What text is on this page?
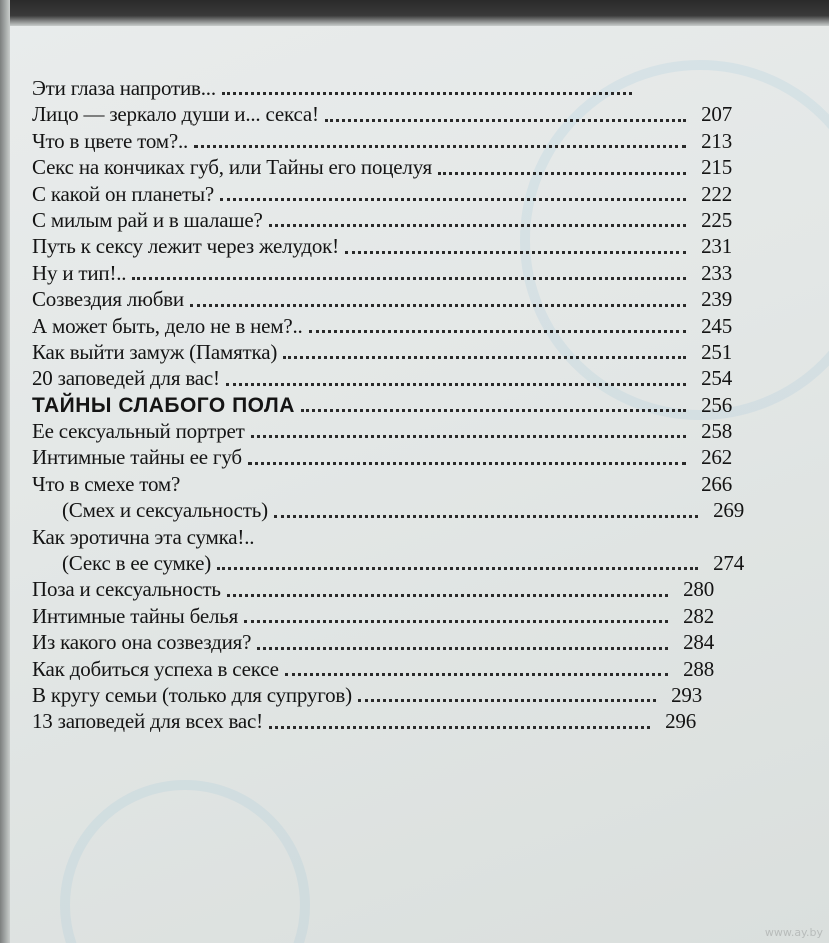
Эти глаза напротив...
Лицо — зеркало души и... секса!	207
Что в цвете том?..	213
Секс на кончиках губ, или Тайны его поцелуя	215
С какой он планеты?	222
С милым рай и в шалаше?	225
Путь к сексу лежит через желудок!	231
Ну и тип!..	233
Созвездия любви	239
А может быть, дело не в нем?..	245
Как выйти замуж (Памятка)	251
20 заповедей для вас!	254
ТАЙНЫ СЛАБОГО ПОЛА	256
Ее сексуальный портрет	258
Интимные тайны ее губ	262
Что в смехе том?	266
(Смех и сексуальность)	269
Как эротична эта сумка!..
(Секс в ее сумке)	274
Поза и сексуальность	280
Интимные тайны белья	282
Из какого она созвездия?	284
Как добиться успеха в сексе	288
В кругу семьи (только для супругов)	293
13 заповедей для всех вас!	296
www.ay.by
